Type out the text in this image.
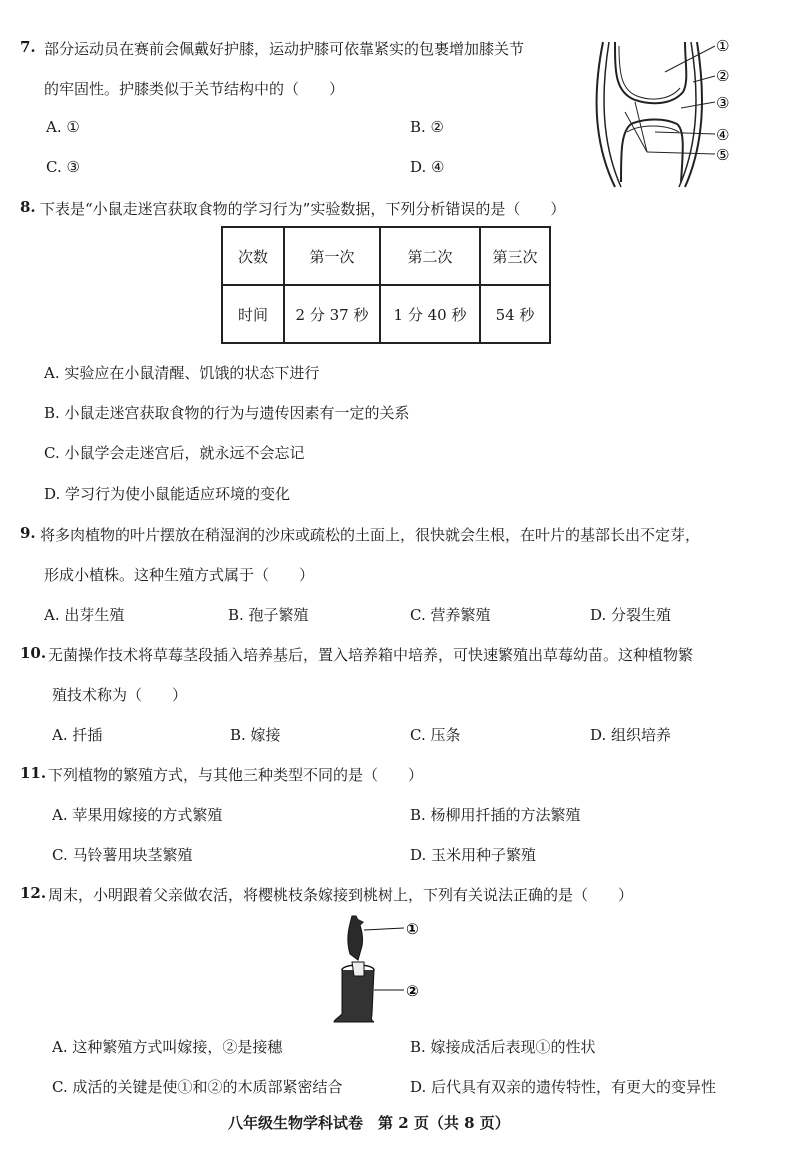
7. 部分运动员在赛前会佩戴好护膝，运动护膝可依靠紧实的包裹增加膝关节
的牢固性。护膝类似于关节结构中的（　　）
A. ①	B. ②
C. ③	D. ④
①
②
③
④
⑤
8. 下表是“小鼠走迷宫获取食物的学习行为”实验数据，下列分析错误的是（　　）
次数	第一次	第二次	第三次
时间	2 分 37 秒	1 分 40 秒	54 秒
A. 实验应在小鼠清醒、饥饿的状态下进行
B. 小鼠走迷宫获取食物的行为与遗传因素有一定的关系
C. 小鼠学会走迷宫后，就永远不会忘记
D. 学习行为使小鼠能适应环境的变化
9. 将多肉植物的叶片摆放在稍湿润的沙床或疏松的土面上，很快就会生根，在叶片的基部长出不定芽，
形成小植株。这种生殖方式属于（　　）
A. 出芽生殖	B. 孢子繁殖	C. 营养繁殖	D. 分裂生殖
10. 无菌操作技术将草莓茎段插入培养基后，置入培养箱中培养，可快速繁殖出草莓幼苗。这种植物繁
殖技术称为（　　）
A. 扦插	B. 嫁接	C. 压条	D. 组织培养
11. 下列植物的繁殖方式，与其他三种类型不同的是（　　）
A. 苹果用嫁接的方式繁殖	B. 杨柳用扦插的方法繁殖
C. 马铃薯用块茎繁殖	D. 玉米用种子繁殖
12. 周末，小明跟着父亲做农活，将樱桃枝条嫁接到桃树上，下列有关说法正确的是（　　）
①
②
A. 这种繁殖方式叫嫁接，②是接穗	B. 嫁接成活后表现①的性状
C. 成活的关键是使①和②的木质部紧密结合	D. 后代具有双亲的遗传特性，有更大的变异性
八年级生物学科试卷　第 2 页（共 8 页）
